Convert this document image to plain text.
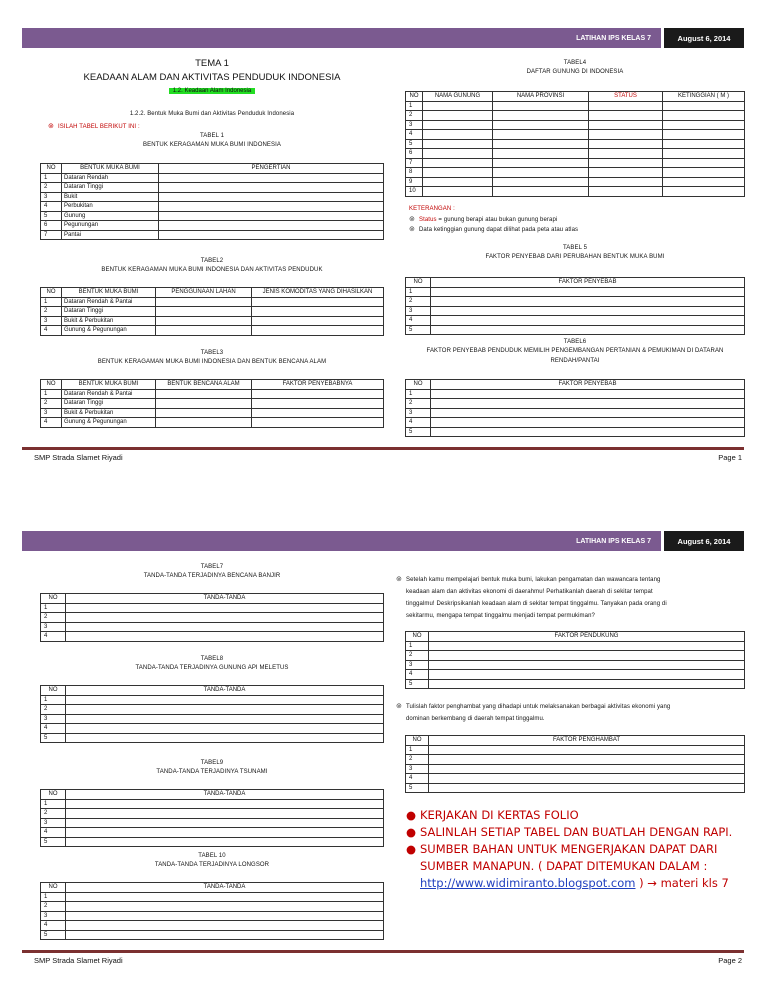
LATIHAN IPS KELAS 7	August 6, 2014
TEMA 1
KEADAAN ALAM DAN AKTIVITAS PENDUDUK INDONESIA
1.2. Keadaan Alam Indonesia
1.2.2. Bentuk Muka Bumi dan Aktivitas Penduduk Indonesia
⊚ ISILAH TABEL BERIKUT INI :
TABEL 1
BENTUK KERAGAMAN MUKA BUMI INDONESIA
NO	BENTUK MUKA BUMI	PENGERTIAN
1	Dataran Rendah	
2	Dataran Tinggi	
3	Bukit	
4	Perbukitan	
5	Gunung	
6	Pegunungan	
7	Pantai	
TABEL2
BENTUK KERAGAMAN MUKA BUMI INDONESIA DAN AKTIVITAS PENDUDUK
NO	BENTUK MUKA BUMI	PENGGUNAAN LAHAN	JENIS KOMODITAS YANG DIHASILKAN
1	Dataran Rendah & Pantai		
2	Dataran Tinggi		
3	Bukit & Perbukitan		
4	Gunung & Pegunungan		
TABEL3
BENTUK KERAGAMAN MUKA BUMI INDONESIA DAN BENTUK BENCANA ALAM
NO	BENTUK MUKA BUMI	BENTUK BENCANA ALAM	FAKTOR PENYEBABNYA
1	Dataran Rendah & Pantai		
2	Dataran Tinggi		
3	Bukit & Perbukitan		
4	Gunung & Pegunungan		
TABEL4
DAFTAR GUNUNG DI INDONESIA
NO	NAMA GUNUNG	NAMA PROVINSI	STATUS	KETINGGIAN ( M )
1				
2				
3				
4				
5				
6				
7				
8				
9				
10				
KETERANGAN :
⊚ Status = gunung berapi atau bukan gunung berapi
⊚ Data ketinggian gunung dapat dilihat pada peta atau atlas
TABEL 5
FAKTOR PENYEBAB DARI PERUBAHAN BENTUK MUKA BUMI
NO	FAKTOR PENYEBAB
1	
2	
3	
4	
5	
TABEL6
FAKTOR PENYEBAB PENDUDUK MEMILIH PENGEMBANGAN PERTANIAN & PEMUKIMAN DI DATARAN
RENDAH/PANTAI
NO	FAKTOR PENYEBAB
1	
2	
3	
4	
5	
SMP Strada Slamet Riyadi	Page 1
LATIHAN IPS KELAS 7	August 6, 2014
TABEL7
TANDA-TANDA TERJADINYA BENCANA BANJIR
NO	TANDA-TANDA
1	
2	
3	
4	
TABEL8
TANDA-TANDA TERJADINYA GUNUNG API MELETUS
NO	TANDA-TANDA
1	
2	
3	
4	
5	
TABEL9
TANDA-TANDA TERJADINYA TSUNAMI
NO	TANDA-TANDA
1	
2	
3	
4	
5	
TABEL 10
TANDA-TANDA TERJADINYA LONGSOR
NO	TANDA-TANDA
1	
2	
3	
4	
5	
⊚ Setelah kamu mempelajari bentuk muka bumi, lakukan pengamatan dan wawancara tentang
keadaan alam dan aktivitas ekonomi di daerahmu! Perhatikanlah daerah di sekitar tempat
tinggalmu! Deskripsikanlah keadaan alam di sekitar tempat tinggalmu. Tanyakan pada orang di
sekitarmu, mengapa tempat tinggalmu menjadi tempat permukiman?
NO	FAKTOR PENDUKUNG
1	
2	
3	
4	
5	
⊚ Tulislah faktor penghambat yang dihadapi untuk melaksanakan berbagai aktivitas ekonomi yang
dominan berkembang di daerah tempat tinggalmu.
NO	FAKTOR PENGHAMBAT
1	
2	
3	
4	
5	
● KERJAKAN DI KERTAS FOLIO
● SALINLAH SETIAP TABEL DAN BUATLAH DENGAN RAPI.
● SUMBER BAHAN UNTUK MENGERJAKAN DAPAT DARI
SUMBER MANAPUN. ( DAPAT DITEMUKAN DALAM :
http://www.widimiranto.blogspot.com ) → materi kls 7
SMP Strada Slamet Riyadi	Page 2
